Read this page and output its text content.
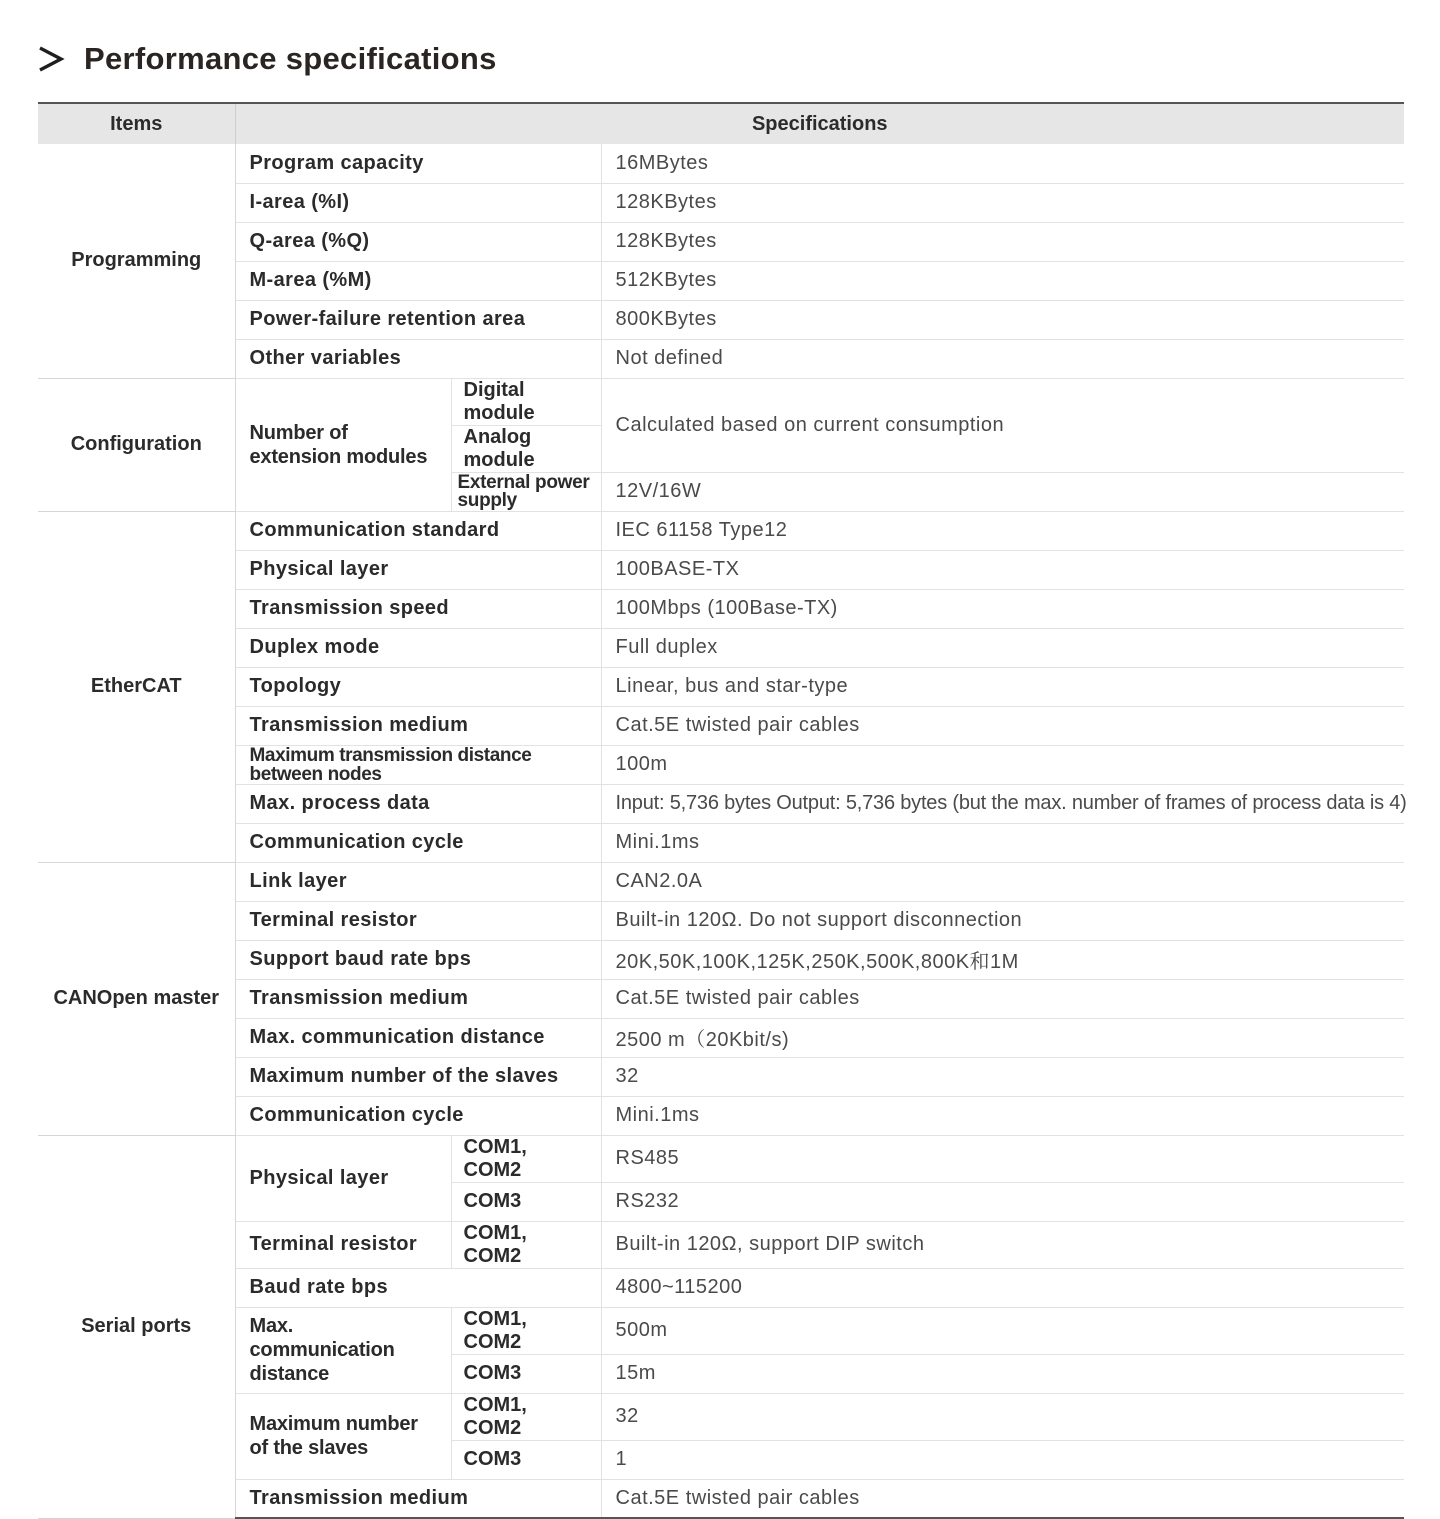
Performance specifications
Items	Specifications		
Programming	Program capacity		16MBytes
	I-area (%I)		128KBytes
	Q-area (%Q)		128KBytes
	M-area (%M)		512KBytes
	Power-failure retention area		800KBytes
	Other variables		Not defined
Configuration	Number of extension modules	Digital module	Calculated based on current consumption
		Analog module	
		External power supply	12V/16W
EtherCAT	Communication standard		IEC 61158 Type12
	Physical layer		100BASE-TX
	Transmission speed		100Mbps (100Base-TX)
	Duplex mode		Full duplex
	Topology		Linear, bus and star-type
	Transmission medium		Cat.5E twisted pair cables
	Maximum transmission distance between nodes		100m
	Max. process data		Input: 5,736 bytes Output: 5,736 bytes (but the max. number of frames of process data is 4)
	Communication cycle		Mini.1ms
CANOpen master	Link layer		CAN2.0A
	Terminal resistor		Built-in 120Ω. Do not support disconnection
	Support baud rate bps		20K,50K,100K,125K,250K,500K,800K和1M
	Transmission medium		Cat.5E twisted pair cables
	Max. communication distance		2500 m（20Kbit/s)
	Maximum number of the slaves		32
	Communication cycle		Mini.1ms
Serial ports	Physical layer	COM1, COM2	RS485
		COM3	RS232
	Terminal resistor	COM1, COM2	Built-in 120Ω, support DIP switch
	Baud rate bps		4800~115200
	Max. communication distance	COM1, COM2	500m
		COM3	15m
	Maximum number of the slaves	COM1, COM2	32
		COM3	1
	Transmission medium		Cat.5E twisted pair cables
